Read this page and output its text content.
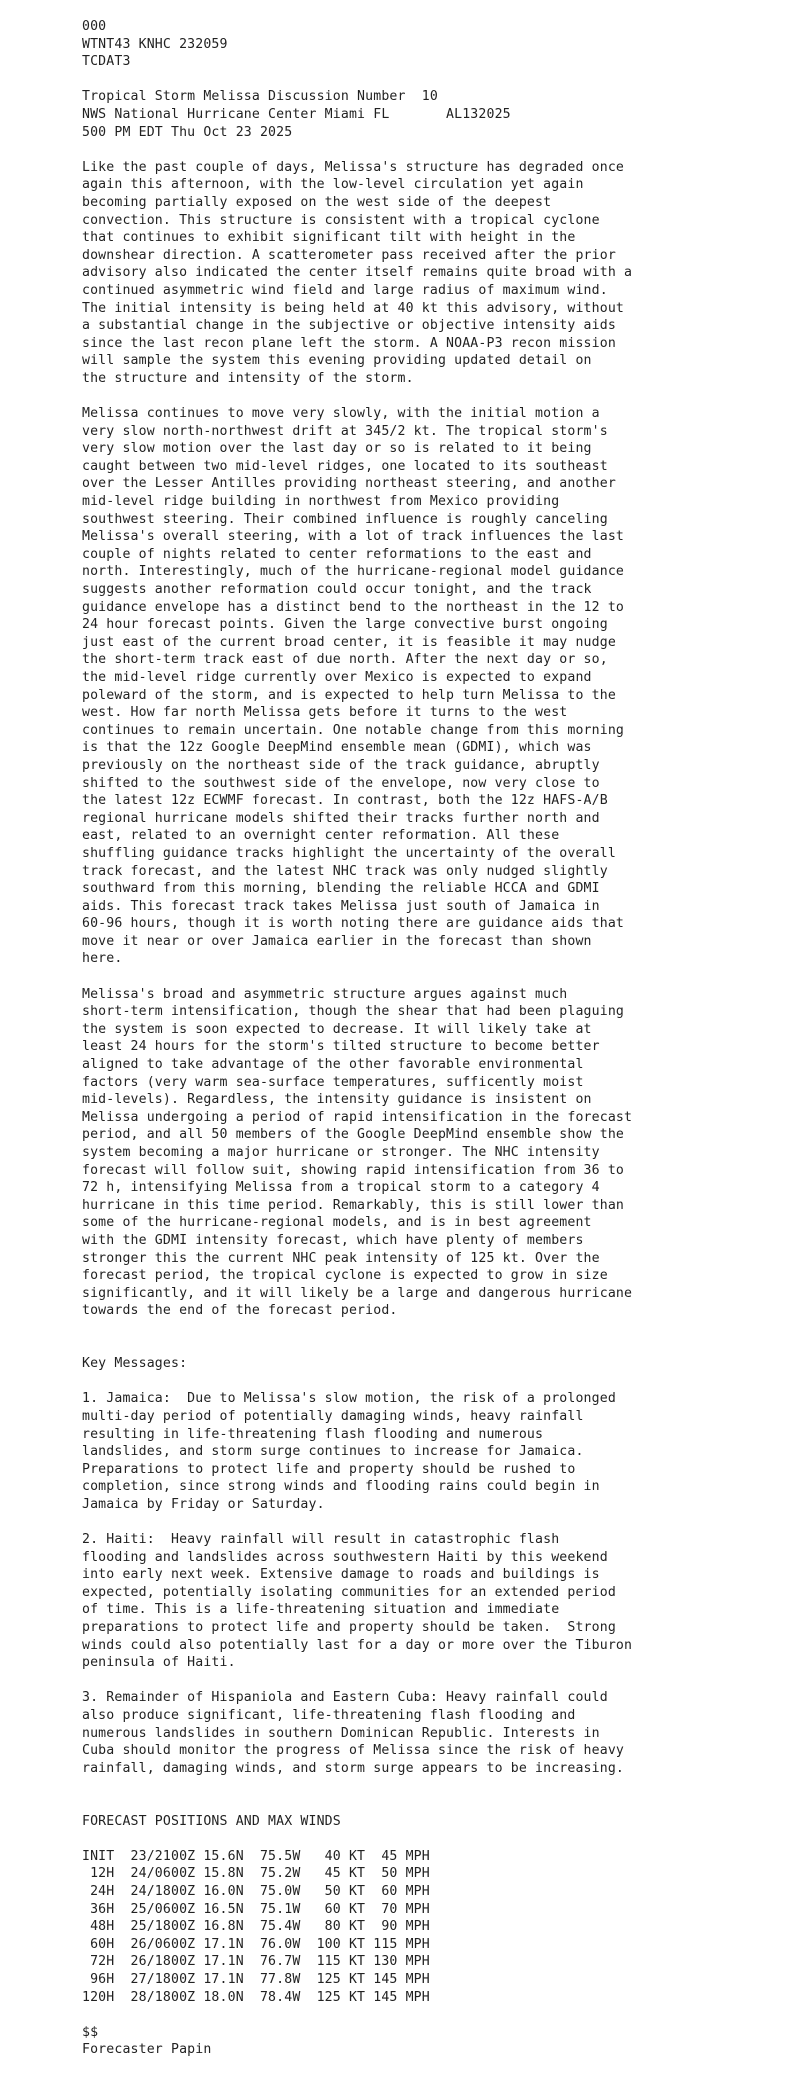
000
WTNT43 KNHC 232059
TCDAT3
Tropical Storm Melissa Discussion Number  10
NWS National Hurricane Center Miami FL       AL132025
500 PM EDT Thu Oct 23 2025
Like the past couple of days, Melissa's structure has degraded once
again this afternoon, with the low-level circulation yet again
becoming partially exposed on the west side of the deepest
convection. This structure is consistent with a tropical cyclone
that continues to exhibit significant tilt with height in the
downshear direction. A scatterometer pass received after the prior
advisory also indicated the center itself remains quite broad with a
continued asymmetric wind field and large radius of maximum wind.
The initial intensity is being held at 40 kt this advisory, without
a substantial change in the subjective or objective intensity aids
since the last recon plane left the storm. A NOAA-P3 recon mission
will sample the system this evening providing updated detail on
the structure and intensity of the storm.
Melissa continues to move very slowly, with the initial motion a
very slow north-northwest drift at 345/2 kt. The tropical storm's
very slow motion over the last day or so is related to it being
caught between two mid-level ridges, one located to its southeast
over the Lesser Antilles providing northeast steering, and another
mid-level ridge building in northwest from Mexico providing
southwest steering. Their combined influence is roughly canceling
Melissa's overall steering, with a lot of track influences the last
couple of nights related to center reformations to the east and
north. Interestingly, much of the hurricane-regional model guidance
suggests another reformation could occur tonight, and the track
guidance envelope has a distinct bend to the northeast in the 12 to
24 hour forecast points. Given the large convective burst ongoing
just east of the current broad center, it is feasible it may nudge
the short-term track east of due north. After the next day or so,
the mid-level ridge currently over Mexico is expected to expand
poleward of the storm, and is expected to help turn Melissa to the
west. How far north Melissa gets before it turns to the west
continues to remain uncertain. One notable change from this morning
is that the 12z Google DeepMind ensemble mean (GDMI), which was
previously on the northeast side of the track guidance, abruptly
shifted to the southwest side of the envelope, now very close to
the latest 12z ECWMF forecast. In contrast, both the 12z HAFS-A/B
regional hurricane models shifted their tracks further north and
east, related to an overnight center reformation. All these
shuffling guidance tracks highlight the uncertainty of the overall
track forecast, and the latest NHC track was only nudged slightly
southward from this morning, blending the reliable HCCA and GDMI
aids. This forecast track takes Melissa just south of Jamaica in
60-96 hours, though it is worth noting there are guidance aids that
move it near or over Jamaica earlier in the forecast than shown
here.
Melissa's broad and asymmetric structure argues against much
short-term intensification, though the shear that had been plaguing
the system is soon expected to decrease. It will likely take at
least 24 hours for the storm's tilted structure to become better
aligned to take advantage of the other favorable environmental
factors (very warm sea-surface temperatures, sufficently moist
mid-levels). Regardless, the intensity guidance is insistent on
Melissa undergoing a period of rapid intensification in the forecast
period, and all 50 members of the Google DeepMind ensemble show the
system becoming a major hurricane or stronger. The NHC intensity
forecast will follow suit, showing rapid intensification from 36 to
72 h, intensifying Melissa from a tropical storm to a category 4
hurricane in this time period. Remarkably, this is still lower than
some of the hurricane-regional models, and is in best agreement
with the GDMI intensity forecast, which have plenty of members
stronger this the current NHC peak intensity of 125 kt. Over the
forecast period, the tropical cyclone is expected to grow in size
significantly, and it will likely be a large and dangerous hurricane
towards the end of the forecast period.
Key Messages:
1. Jamaica:  Due to Melissa's slow motion, the risk of a prolonged
multi-day period of potentially damaging winds, heavy rainfall
resulting in life-threatening flash flooding and numerous
landslides, and storm surge continues to increase for Jamaica.
Preparations to protect life and property should be rushed to
completion, since strong winds and flooding rains could begin in
Jamaica by Friday or Saturday.
2. Haiti:  Heavy rainfall will result in catastrophic flash
flooding and landslides across southwestern Haiti by this weekend
into early next week. Extensive damage to roads and buildings is
expected, potentially isolating communities for an extended period
of time. This is a life-threatening situation and immediate
preparations to protect life and property should be taken.  Strong
winds could also potentially last for a day or more over the Tiburon
peninsula of Haiti.
3. Remainder of Hispaniola and Eastern Cuba: Heavy rainfall could
also produce significant, life-threatening flash flooding and
numerous landslides in southern Dominican Republic. Interests in
Cuba should monitor the progress of Melissa since the risk of heavy
rainfall, damaging winds, and storm surge appears to be increasing.
FORECAST POSITIONS AND MAX WINDS
INIT  23/2100Z 15.6N  75.5W   40 KT  45 MPH
12H  24/0600Z 15.8N  75.2W   45 KT  50 MPH
24H  24/1800Z 16.0N  75.0W   50 KT  60 MPH
36H  25/0600Z 16.5N  75.1W   60 KT  70 MPH
48H  25/1800Z 16.8N  75.4W   80 KT  90 MPH
60H  26/0600Z 17.1N  76.0W  100 KT 115 MPH
72H  26/1800Z 17.1N  76.7W  115 KT 130 MPH
96H  27/1800Z 17.1N  77.8W  125 KT 145 MPH
120H  28/1800Z 18.0N  78.4W  125 KT 145 MPH
$$
Forecaster Papin
